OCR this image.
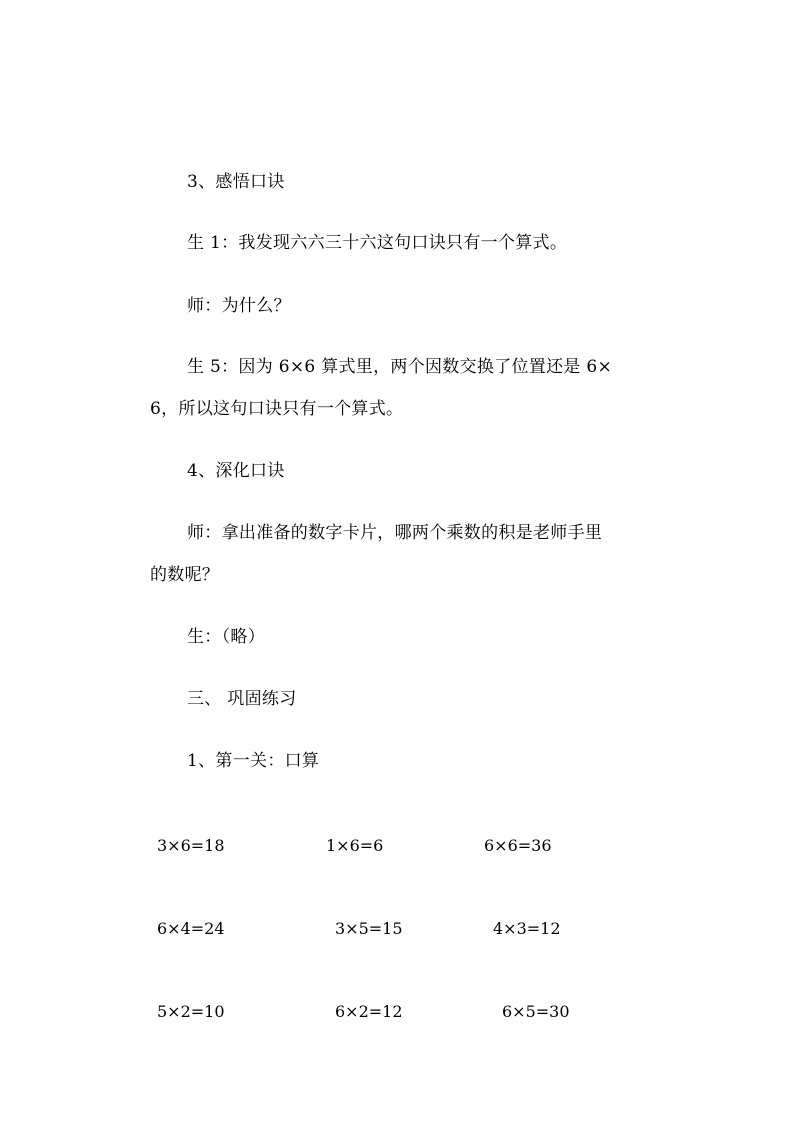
3、感悟口诀
生 1：我发现六六三十六这句口诀只有一个算式。
师：为什么？
生 5：因为 6×6 算式里，两个因数交换了位置还是 6×
6，所以这句口诀只有一个算式。
4、深化口诀
师：拿出准备的数字卡片，哪两个乘数的积是老师手里
的数呢？
生：（略）
三、 巩固练习
1、第一关：口算
3×6=18	1×6=6	6×6=36
6×4=24	3×5=15	4×3=12
5×2=10	6×2=12	6×5=30
